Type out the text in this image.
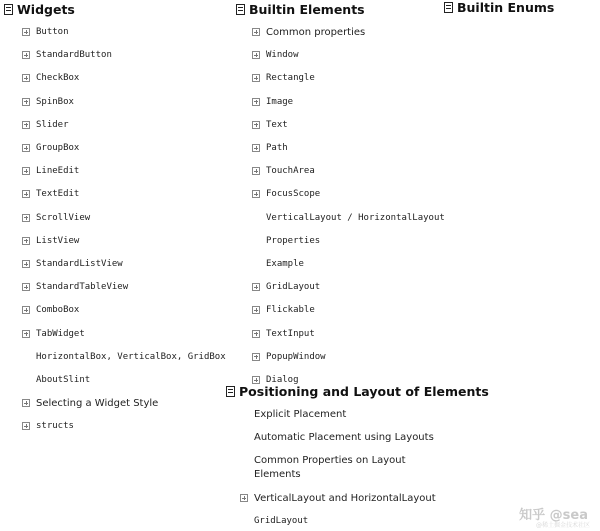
Widgets
Button
StandardButton
CheckBox
SpinBox
Slider
GroupBox
LineEdit
TextEdit
ScrollView
ListView
StandardListView
StandardTableView
ComboBox
TabWidget
HorizontalBox, VerticalBox, GridBox
AboutSlint
Selecting a Widget Style
structs
Builtin Elements
Common properties
Window
Rectangle
Image
Text
Path
TouchArea
FocusScope
VerticalLayout / HorizontalLayout
Properties
Example
GridLayout
Flickable
TextInput
PopupWindow
Dialog
Positioning and Layout of Elements
Explicit Placement
Automatic Placement using Layouts
Common Properties on Layout Elements
VerticalLayout and HorizontalLayout
GridLayout
Builtin Enums
知乎 @sea
@稀土掘金技术社区
